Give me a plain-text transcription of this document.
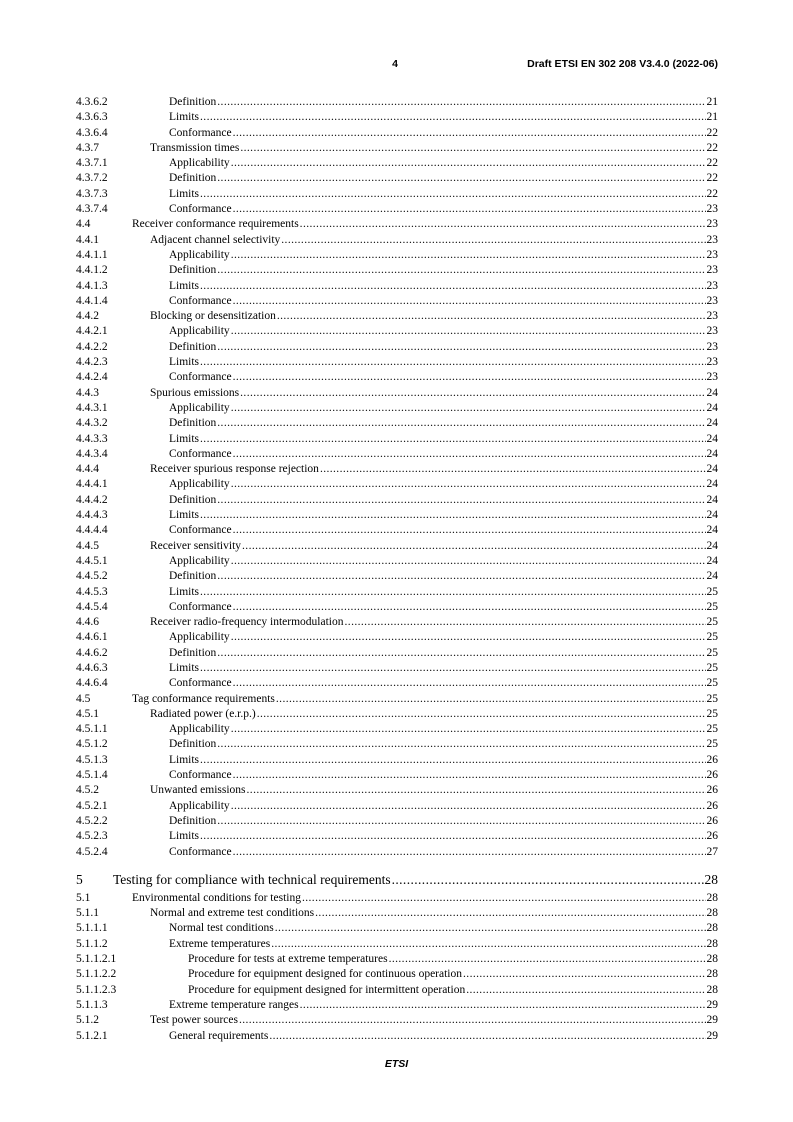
4	Draft ETSI EN 302 208 V3.4.0 (2022-06)
4.3.6.2	Definition .....	21
4.3.6.3	Limits .....	21
4.3.6.4	Conformance .....	22
4.3.7	Transmission times .....	22
4.3.7.1	Applicability .....	22
4.3.7.2	Definition .....	22
4.3.7.3	Limits .....	22
4.3.7.4	Conformance .....	23
4.4	Receiver conformance requirements .....	23
4.4.1	Adjacent channel selectivity .....	23
4.4.1.1	Applicability .....	23
4.4.1.2	Definition .....	23
4.4.1.3	Limits .....	23
4.4.1.4	Conformance .....	23
4.4.2	Blocking or desensitization .....	23
4.4.2.1	Applicability .....	23
4.4.2.2	Definition .....	23
4.4.2.3	Limits .....	23
4.4.2.4	Conformance .....	23
4.4.3	Spurious emissions .....	24
4.4.3.1	Applicability .....	24
4.4.3.2	Definition .....	24
4.4.3.3	Limits .....	24
4.4.3.4	Conformance .....	24
4.4.4	Receiver spurious response rejection .....	24
4.4.4.1	Applicability .....	24
4.4.4.2	Definition .....	24
4.4.4.3	Limits .....	24
4.4.4.4	Conformance .....	24
4.4.5	Receiver sensitivity .....	24
4.4.5.1	Applicability .....	24
4.4.5.2	Definition .....	24
4.4.5.3	Limits .....	25
4.4.5.4	Conformance .....	25
4.4.6	Receiver radio-frequency intermodulation .....	25
4.4.6.1	Applicability .....	25
4.4.6.2	Definition .....	25
4.4.6.3	Limits .....	25
4.4.6.4	Conformance .....	25
4.5	Tag conformance requirements .....	25
4.5.1	Radiated power (e.r.p.) .....	25
4.5.1.1	Applicability .....	25
4.5.1.2	Definition .....	25
4.5.1.3	Limits .....	26
4.5.1.4	Conformance .....	26
4.5.2	Unwanted emissions .....	26
4.5.2.1	Applicability .....	26
4.5.2.2	Definition .....	26
4.5.2.3	Limits .....	26
4.5.2.4	Conformance .....	27
5	Testing for compliance with technical requirements .....	28
5.1	Environmental conditions for testing .....	28
5.1.1	Normal and extreme test conditions .....	28
5.1.1.1	Normal test conditions .....	28
5.1.1.2	Extreme temperatures .....	28
5.1.1.2.1	Procedure for tests at extreme temperatures .....	28
5.1.1.2.2	Procedure for equipment designed for continuous operation .....	28
5.1.1.2.3	Procedure for equipment designed for intermittent operation .....	28
5.1.1.3	Extreme temperature ranges .....	29
5.1.2	Test power sources .....	29
5.1.2.1	General requirements .....	29
ETSI
